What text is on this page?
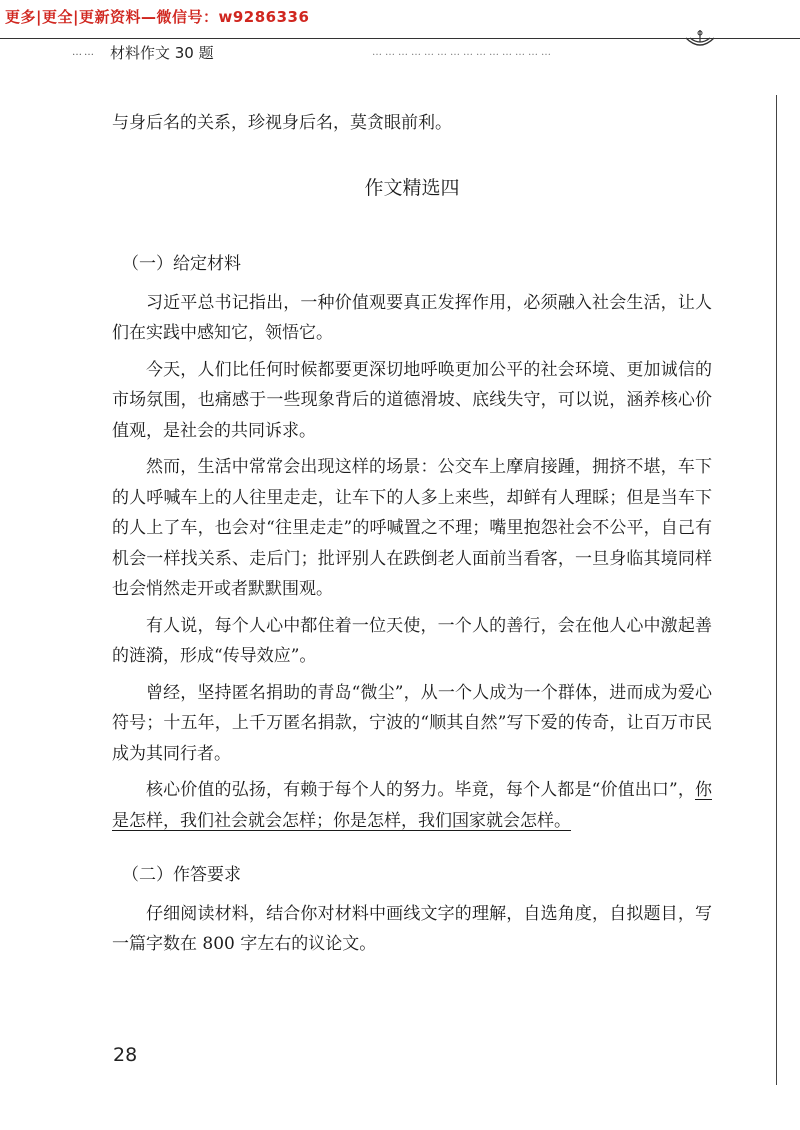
更多|更全|更新资料—微信号：w9286336
…… 材料作文 30 题	……………………………………

与身后名的关系，珍视身后名，莫贪眼前利。

作文精选四
（一）给定材料

习近平总书记指出，一种价值观要真正发挥作用，必须融入社会生活，让人们在实践中感知它，领悟它。

今天，人们比任何时候都要更深切地呼唤更加公平的社会环境、更加诚信的市场氛围，也痛感于一些现象背后的道德滑坡、底线失守，可以说，涵养核心价值观，是社会的共同诉求。

然而，生活中常常会出现这样的场景：公交车上摩肩接踵，拥挤不堪，车下的人呼喊车上的人往里走走，让车下的人多上来些，却鲜有人理睬；但是当车下的人上了车，也会对“往里走走”的呼喊置之不理；嘴里抱怨社会不公平，自己有机会一样找关系、走后门；批评别人在跌倒老人面前当看客，一旦身临其境同样也会悄然走开或者默默围观。

有人说，每个人心中都住着一位天使，一个人的善行，会在他人心中激起善的涟漪，形成“传导效应”。

曾经，坚持匿名捐助的青岛“微尘”，从一个人成为一个群体，进而成为爱心符号；十五年，上千万匿名捐款，宁波的“顺其自然”写下爱的传奇，让百万市民成为其同行者。

核心价值的弘扬，有赖于每个人的努力。毕竟，每个人都是“价值出口”，你是怎样，我们社会就会怎样；你是怎样，我们国家就会怎样。

（二）作答要求

仔细阅读材料，结合你对材料中画线文字的理解，自选角度，自拟题目，写一篇字数在 800 字左右的议论文。

28
